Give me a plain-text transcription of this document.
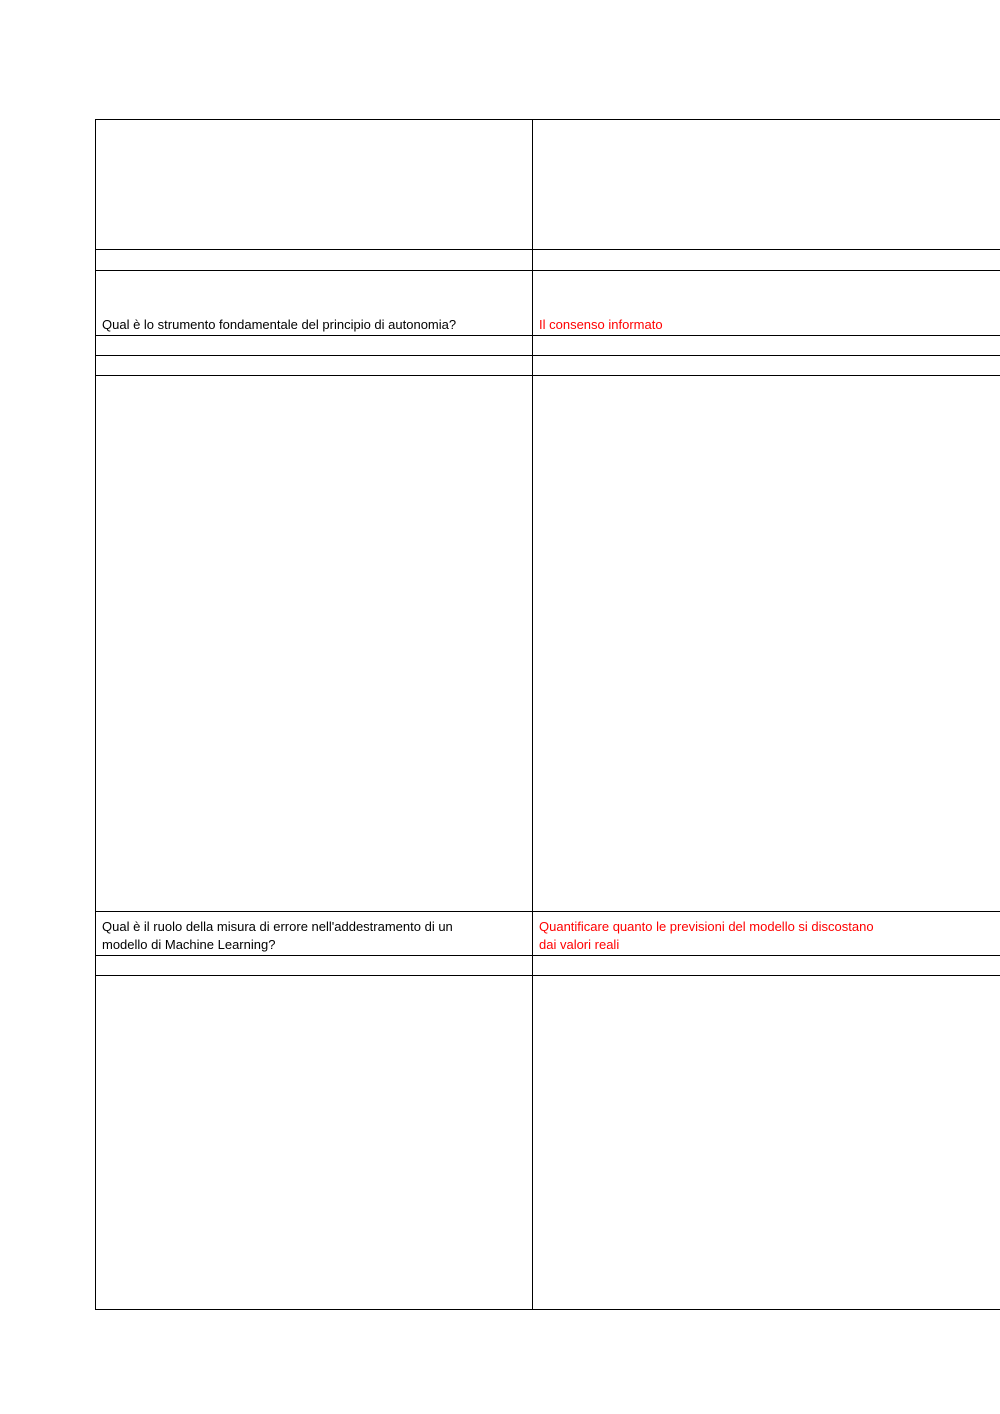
Qual è lo strumento fondamentale del principio di autonomia?	Il consenso informato

Qual è il ruolo della misura di errore nell'addestramento di un
modello di Machine Learning?	Quantificare quanto le previsioni del modello si discostano
dai valori reali
